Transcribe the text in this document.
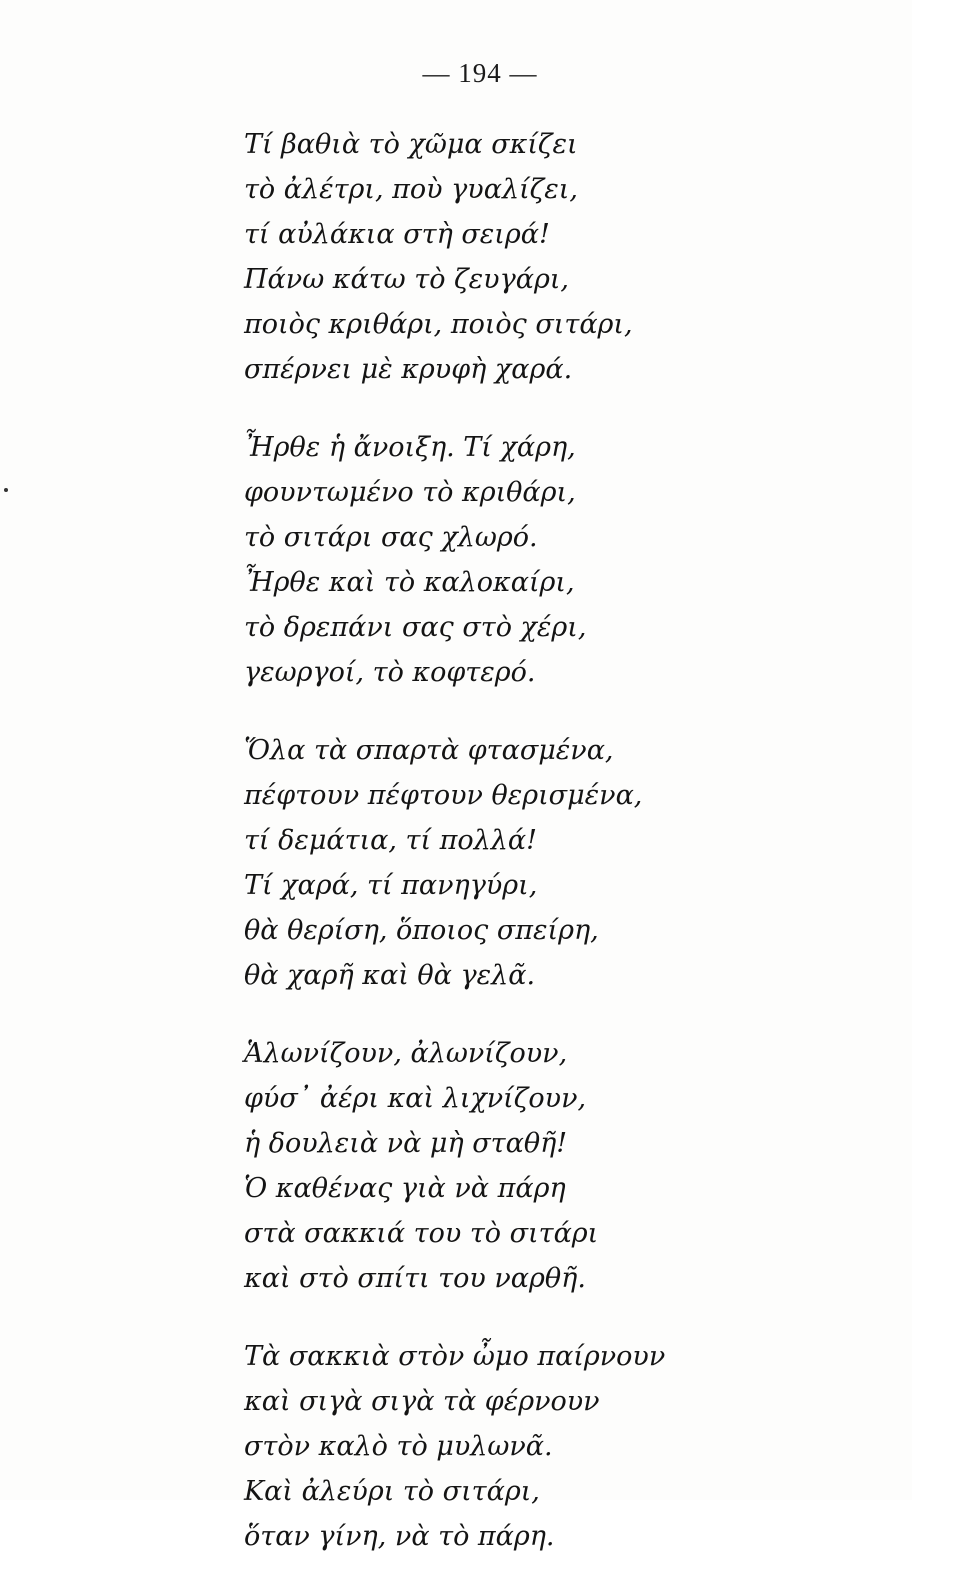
— 194 —
Τί βαθιὰ τὸ χῶμα σκίζει
τὸ ἀλέτρι, ποὺ γυαλίζει,
τί αὐλάκια στὴ σειρά!
Πάνω κάτω τὸ ζευγάρι,
ποιὸς κριθάρι, ποιὸς σιτάρι,
σπέρνει μὲ κρυφὴ χαρά.
Ἦρθε ἡ ἄνοιξη. Τί χάρη,
φουντωμένο τὸ κριθάρι,
τὸ σιτάρι σας χλωρό.
Ἦρθε καὶ τὸ καλοκαίρι,
τὸ δρεπάνι σας στὸ χέρι,
γεωργοί, τὸ κοφτερό.
Ὅλα τὰ σπαρτὰ φτασμένα,
πέφτουν πέφτουν θερισμένα,
τί δεμάτια, τί πολλά!
Τί χαρά, τί πανηγύρι,
θὰ θερίση, ὅποιος σπείρη,
θὰ χαρῆ καὶ θὰ γελᾶ.
Ἁλωνίζουν, ἀλωνίζουν,
φύσ᾽ ἀέρι καὶ λιχνίζουν,
ἡ δουλειὰ νὰ μὴ σταθῆ!
Ὁ καθένας γιὰ νὰ πάρη
στὰ σακκιά του τὸ σιτάρι
καὶ στὸ σπίτι του ναρθῆ.
Τὰ σακκιὰ στὸν ὦμο παίρνουν
καὶ σιγὰ σιγὰ τὰ φέρνουν
στὸν καλὸ τὸ μυλωνᾶ.
Καὶ ἀλεύρι τὸ σιτάρι,
ὅταν γίνη, νὰ τὸ πάρη.
